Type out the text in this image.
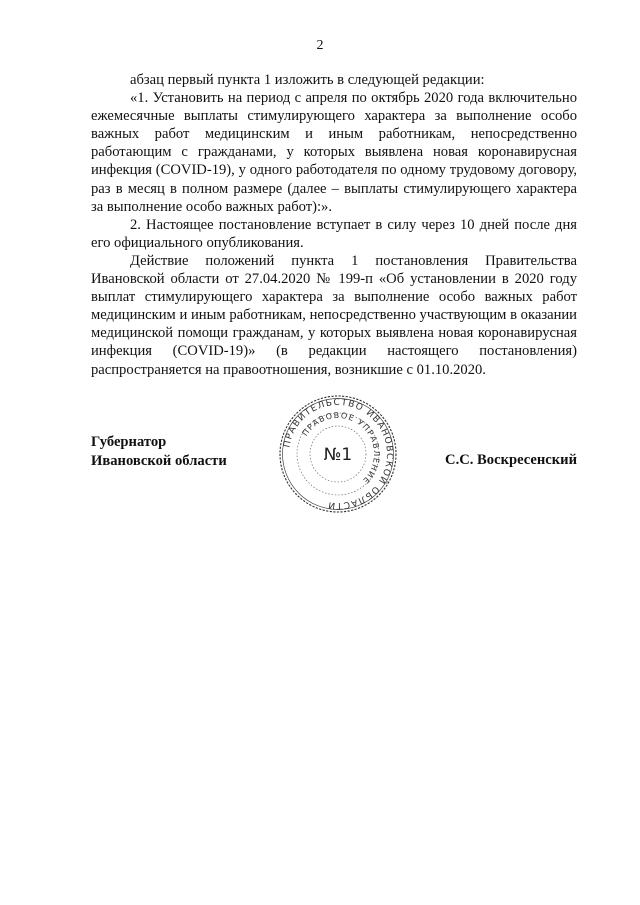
2

абзац первый пункта 1 изложить в следующей редакции:

«1. Установить на период с апреля по октябрь 2020 года включительно ежемесячные выплаты стимулирующего характера за выполнение особо важных работ медицинским и иным работникам, непосредственно работающим с гражданами, у которых выявлена новая коронавирусная инфекция (COVID-19), у одного работодателя по одному трудовому договору, раз в месяц в полном размере (далее – выплаты стимулирующего характера за выполнение особо важных работ):».

2. Настоящее постановление вступает в силу через 10 дней после дня его официального опубликования.

Действие положений пункта 1 постановления Правительства Ивановской области от 27.04.2020 № 199-п «Об установлении в 2020 году выплат стимулирующего характера за выполнение особо важных работ медицинским и иным работникам, непосредственно участвующим в оказании медицинской помощи гражданам, у которых выявлена новая коронавирусная инфекция (COVID-19)» (в редакции настоящего постановления) распространяется на правоотношения, возникшие с 01.10.2020.

Губернатор
Ивановской области	С.С. Воскресенский
ПРАВИТЕЛЬСТВО ИВАНОВСКОЙ ОБЛАСТИ
ПРАВОВОЕ УПРАВЛЕНИЕ
№1
